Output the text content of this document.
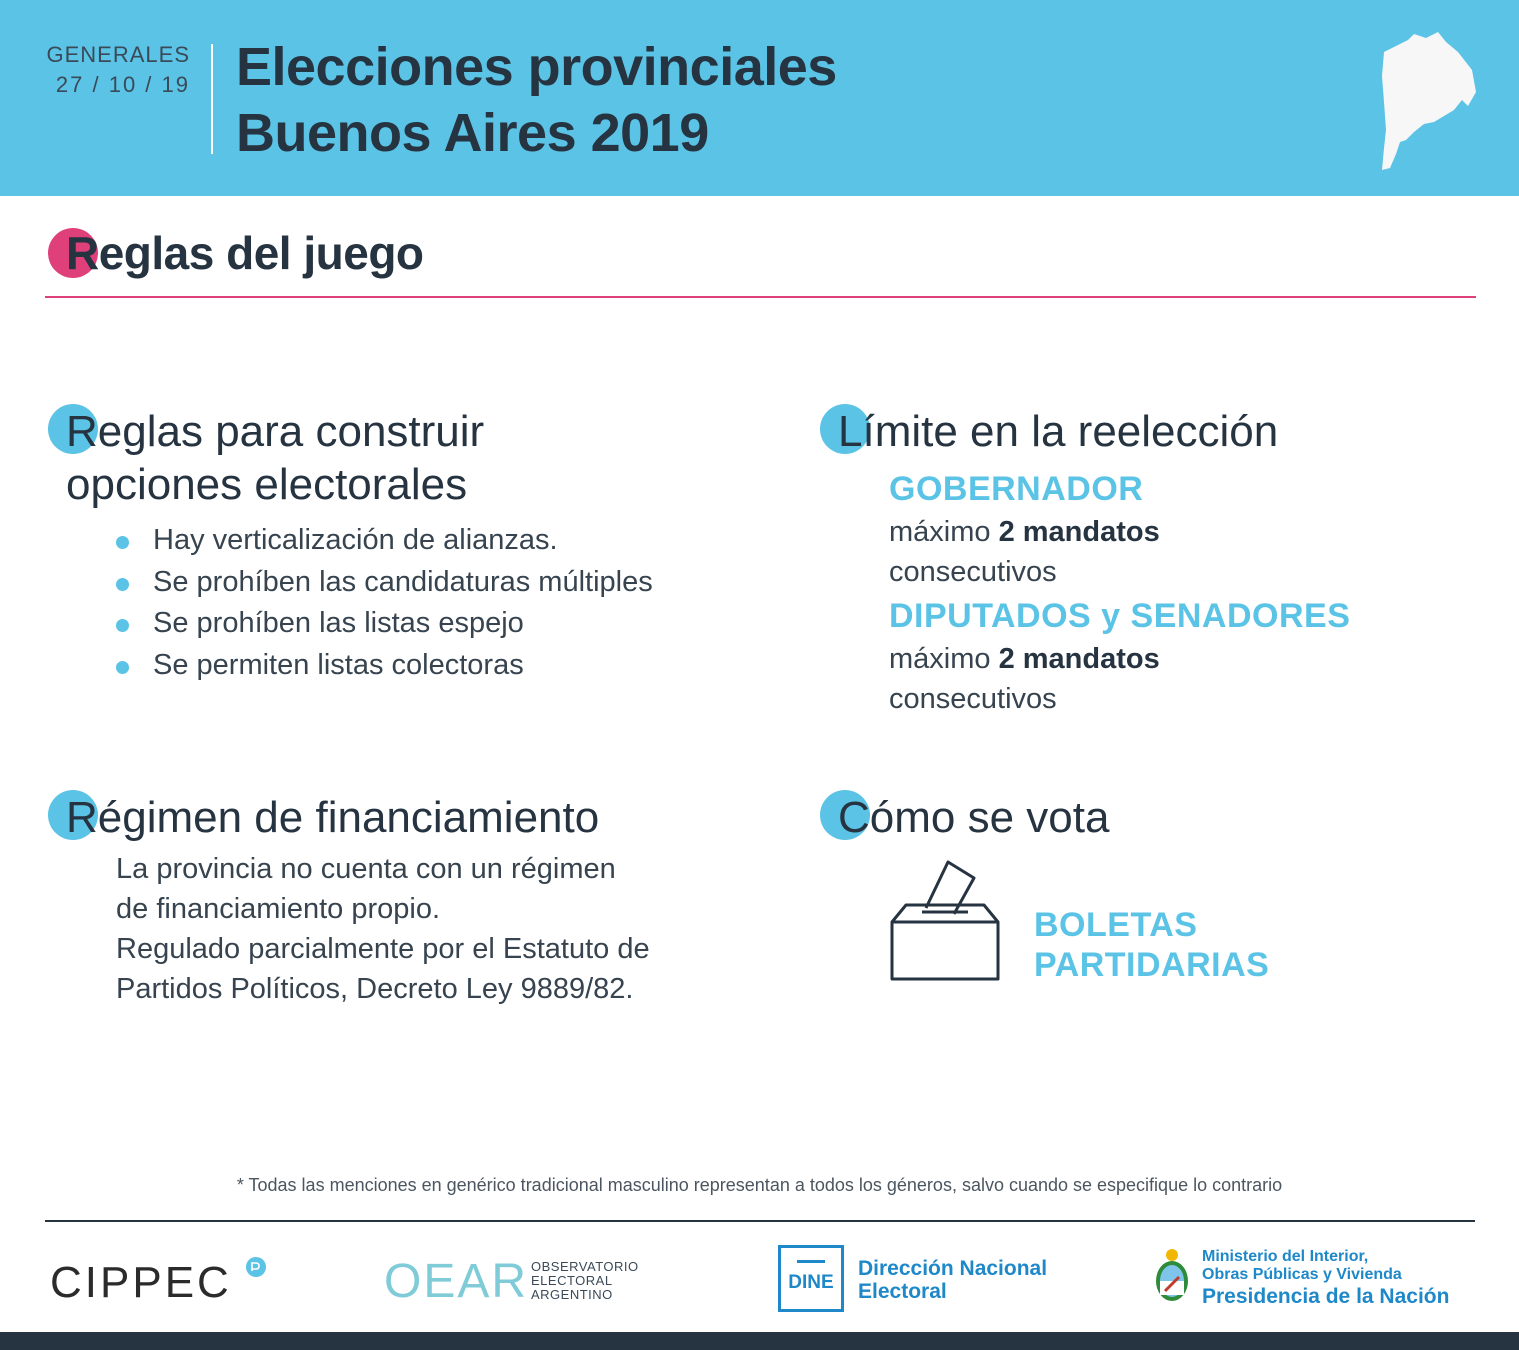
GENERALES
27 / 10 / 19 Elecciones provinciales
Buenos Aires 2019
Reglas del juego
Reglas para construir
opciones electorales
Hay verticalización de alianzas.
Se prohíben las candidaturas múltiples
Se prohíben las listas espejo
Se permiten listas colectoras
Límite en la reelección
GOBERNADOR
máximo 2 mandatos
consecutivos
DIPUTADOS y SENADORES
máximo 2 mandatos
consecutivos
Régimen de financiamiento
La provincia no cuenta con un régimen
de financiamiento propio.
Regulado parcialmente por el Estatuto de
Partidos Políticos, Decreto Ley 9889/82.
Cómo se vota
BOLETAS
PARTIDARIAS
* Todas las menciones en genérico tradicional masculino representan a todos los géneros, salvo cuando se especifique lo contrario
CIPPEC	OEAR OBSERVATORIO
ELECTORAL
ARGENTINO
DINE
Dirección Nacional
Electoral
Ministerio del Interior,
Obras Públicas y Vivienda
Presidencia de la Nación
